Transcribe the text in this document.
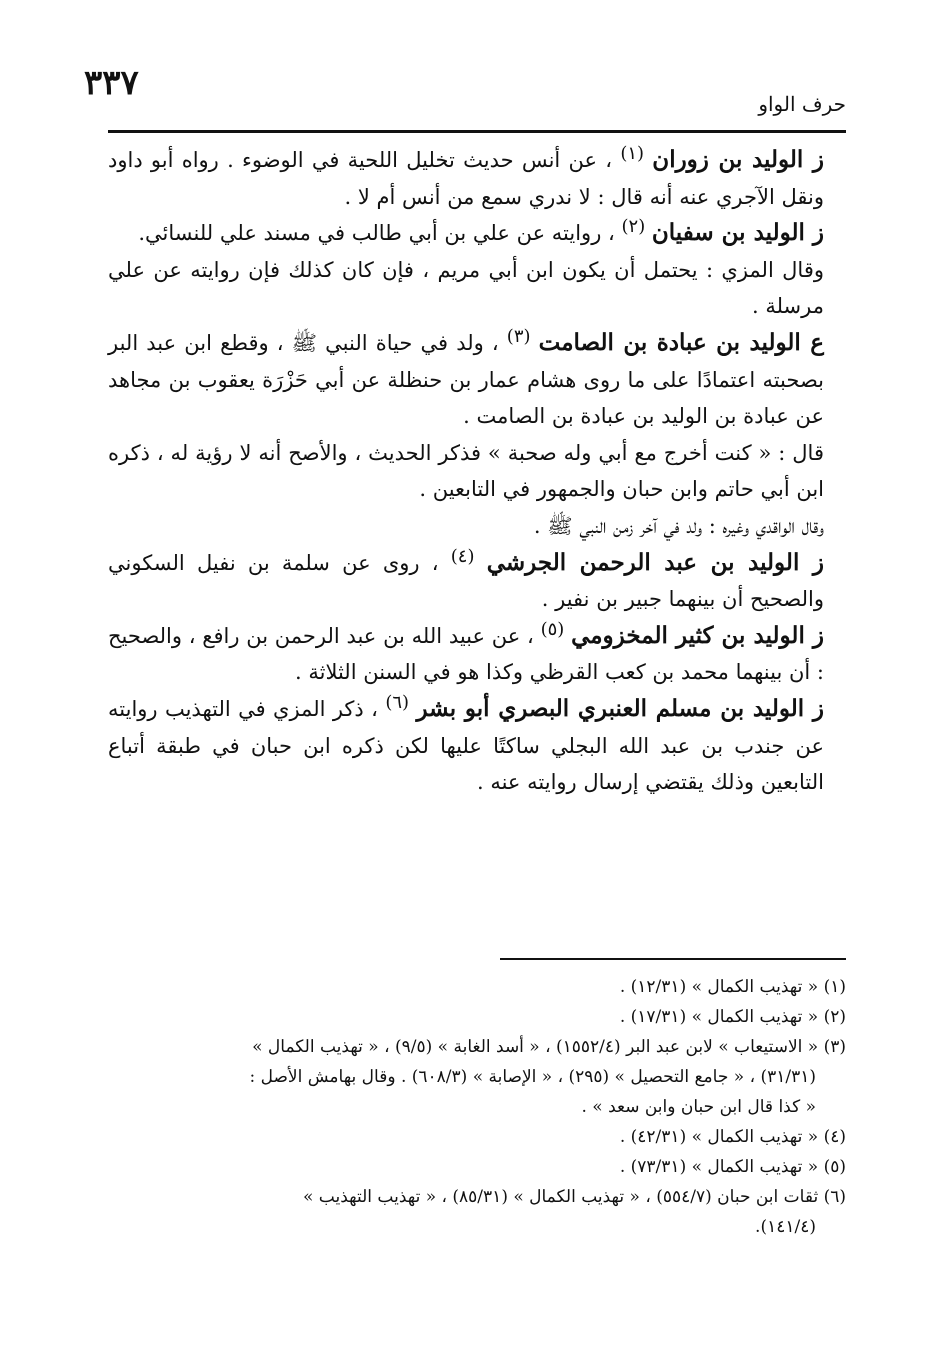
٣٣٧

حرف الواو

ز الوليد بن زوران (١) ، عن أنس حديث تخليل اللحية في الوضوء . رواه أبو داود ونقل الآجري عنه أنه قال : لا ندري سمع من أنس أم لا .

ز الوليد بن سفيان (٢) ، روايته عن علي بن أبي طالب في مسند علي للنسائي.

وقال المزي : يحتمل أن يكون ابن أبي مريم ، فإن كان كذلك فإن روايته عن علي مرسلة .

ع الوليد بن عبادة بن الصامت (٣) ، ولد في حياة النبي ﷺ ، وقطع ابن عبد البر بصحبته اعتمادًا على ما روى هشام عمار بن حنظلة عن أبي حَزْرَة يعقوب بن مجاهد عن عبادة بن الوليد بن عبادة بن الصامت .

قال : « كنت أخرج مع أبي وله صحبة » فذكر الحديث ، والأصح أنه لا رؤية له ، ذكره ابن أبي حاتم وابن حبان والجمهور في التابعين .

وقال الواقدي وغيره : ولد في آخر زمن النبي ﷺ .

ز الوليد بن عبد الرحمن الجرشي (٤) ، روى عن سلمة بن نفيل السكوني والصحيح أن بينهما جبير بن نفير .

ز الوليد بن كثير المخزومي (٥) ، عن عبيد الله بن عبد الرحمن بن رافع ، والصحيح : أن بينهما محمد بن كعب القرظي وكذا هو في السنن الثلاثة .

ز الوليد بن مسلم العنبري البصري أبو بشر (٦) ، ذكر المزي في التهذيب روايته عن جندب بن عبد الله البجلي ساكتًا عليها لكن ذكره ابن حبان في طبقة أتباع التابعين وذلك يقتضي إرسال روايته عنه .

(١) « تهذيب الكمال » (١٢/٣١) .

(٢) « تهذيب الكمال » (١٧/٣١) .

(٣) « الاستيعاب » لابن عبد البر (١٥٥٢/٤) ، « أسد الغابة » (٩/٥) ، « تهذيب الكمال »

(٣١/٣١) ، « جامع التحصيل » (٢٩٥) ، « الإصابة » (٦٠٨/٣) . وقال بهامش الأصل :

« كذا قال ابن حبان وابن سعد » .

(٤) « تهذيب الكمال » (٤٢/٣١) .

(٥) « تهذيب الكمال » (٧٣/٣١) .

(٦) ثقات ابن حبان (٥٥٤/٧) ، « تهذيب الكمال » (٨٥/٣١) ، « تهذيب التهذيب »

(١٤١/٤).
